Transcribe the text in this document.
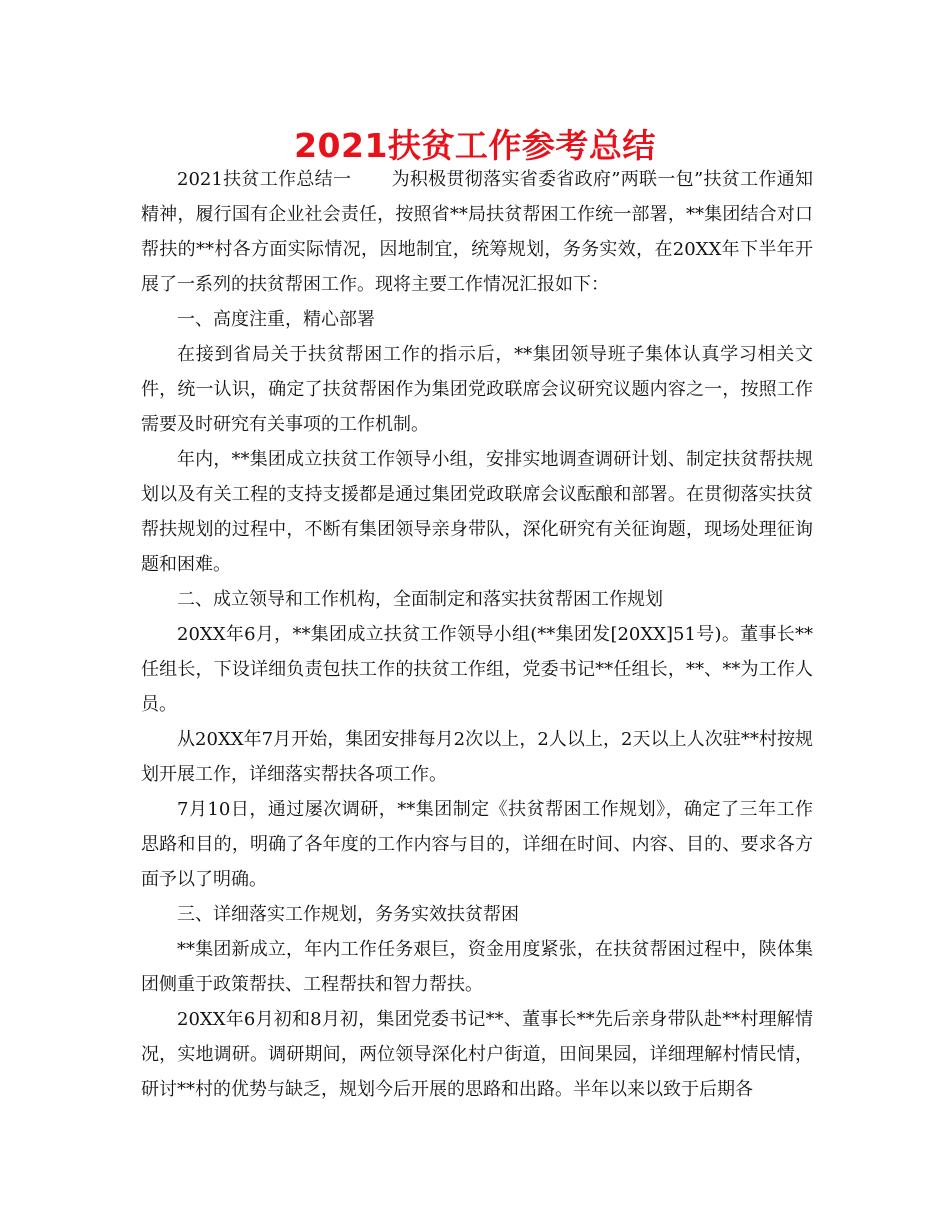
2021扶贫工作参考总结

2021扶贫工作总结一 为积极贯彻落实省委省政府”两联一包”扶贫工作通知精神，履行国有企业社会责任，按照省**局扶贫帮困工作统一部署，**集团结合对口帮扶的**村各方面实际情况，因地制宜，统筹规划，务务实效，在20XX年下半年开展了一系列的扶贫帮困工作。现将主要工作情况汇报如下：

一、高度注重，精心部署

在接到省局关于扶贫帮困工作的指示后，**集团领导班子集体认真学习相关文件，统一认识，确定了扶贫帮困作为集团党政联席会议研究议题内容之一，按照工作需要及时研究有关事项的工作机制。

年内，**集团成立扶贫工作领导小组，安排实地调查调研计划、制定扶贫帮扶规划以及有关工程的支持支援都是通过集团党政联席会议酝酿和部署。在贯彻落实扶贫帮扶规划的过程中，不断有集团领导亲身带队，深化研究有关征询题，现场处理征询题和困难。

二、成立领导和工作机构，全面制定和落实扶贫帮困工作规划

20XX年6月，**集团成立扶贫工作领导小组(**集团发[20XX]51号)。董事长**任组长，下设详细负责包扶工作的扶贫工作组，党委书记**任组长，**、**为工作人员。

从20XX年7月开始，集团安排每月2次以上，2人以上，2天以上人次驻**村按规划开展工作，详细落实帮扶各项工作。

7月10日，通过屡次调研，**集团制定《扶贫帮困工作规划》，确定了三年工作思路和目的，明确了各年度的工作内容与目的，详细在时间、内容、目的、要求各方面予以了明确。

三、详细落实工作规划，务务实效扶贫帮困

**集团新成立，年内工作任务艰巨，资金用度紧张，在扶贫帮困过程中，陕体集团侧重于政策帮扶、工程帮扶和智力帮扶。

20XX年6月初和8月初，集团党委书记**、董事长**先后亲身带队赴**村理解情况，实地调研。调研期间，两位领导深化村户街道，田间果园，详细理解村情民情，研讨**村的优势与缺乏，规划今后开展的思路和出路。半年以来以致于后期各
